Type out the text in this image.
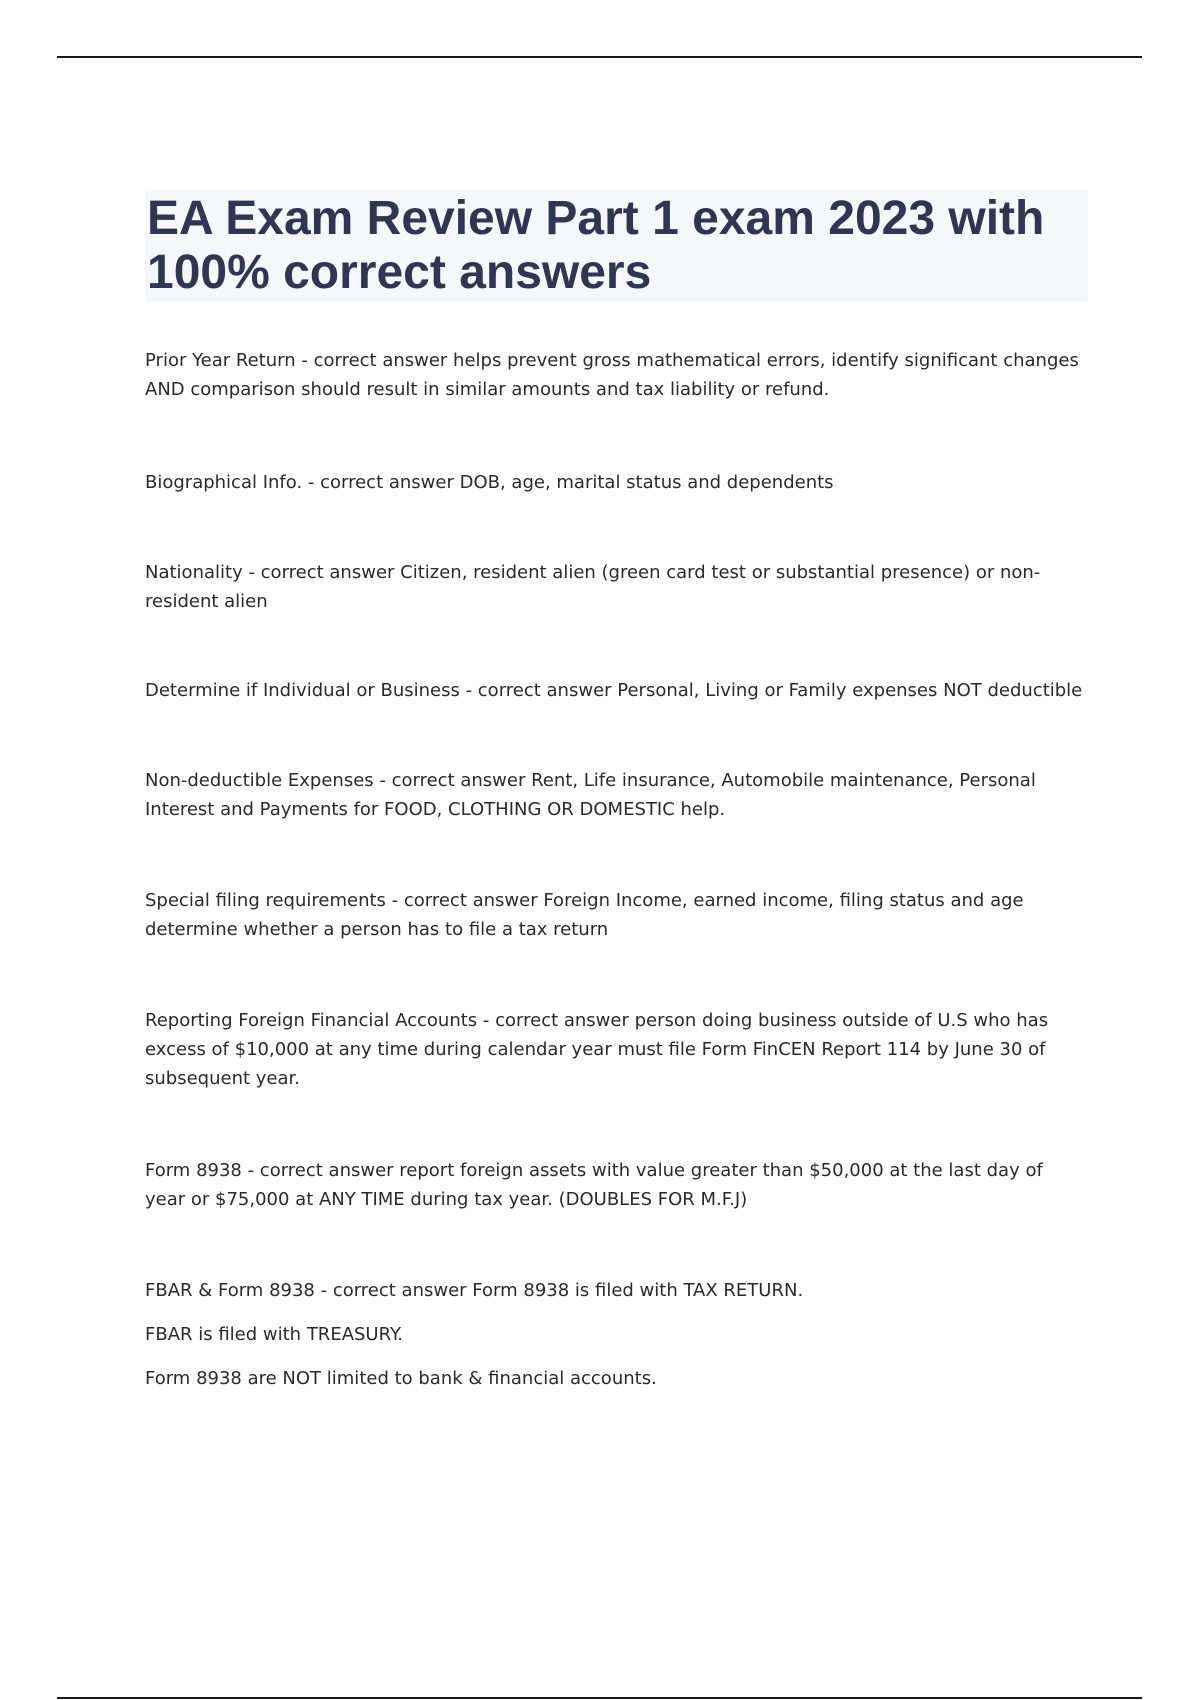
EA Exam Review Part 1 exam 2023 with 100% correct answers

Prior Year Return - correct answer helps prevent gross mathematical errors, identify significant changes AND comparison should result in similar amounts and tax liability or refund.

Biographical Info. - correct answer DOB, age, marital status and dependents

Nationality - correct answer Citizen, resident alien (green card test or substantial presence) or non-resident alien

Determine if Individual or Business - correct answer Personal, Living or Family expenses NOT deductible

Non-deductible Expenses - correct answer Rent, Life insurance, Automobile maintenance, Personal Interest and Payments for FOOD, CLOTHING OR DOMESTIC help.

Special filing requirements - correct answer Foreign Income, earned income, filing status and age determine whether a person has to file a tax return

Reporting Foreign Financial Accounts - correct answer person doing business outside of U.S who has excess of $10,000 at any time during calendar year must file Form FinCEN Report 114 by June 30 of subsequent year.

Form 8938 - correct answer report foreign assets with value greater than $50,000 at the last day of year or $75,000 at ANY TIME during tax year. (DOUBLES FOR M.F.J)

FBAR & Form 8938 - correct answer Form 8938 is filed with TAX RETURN.

FBAR is filed with TREASURY.

Form 8938 are NOT limited to bank & financial accounts.
